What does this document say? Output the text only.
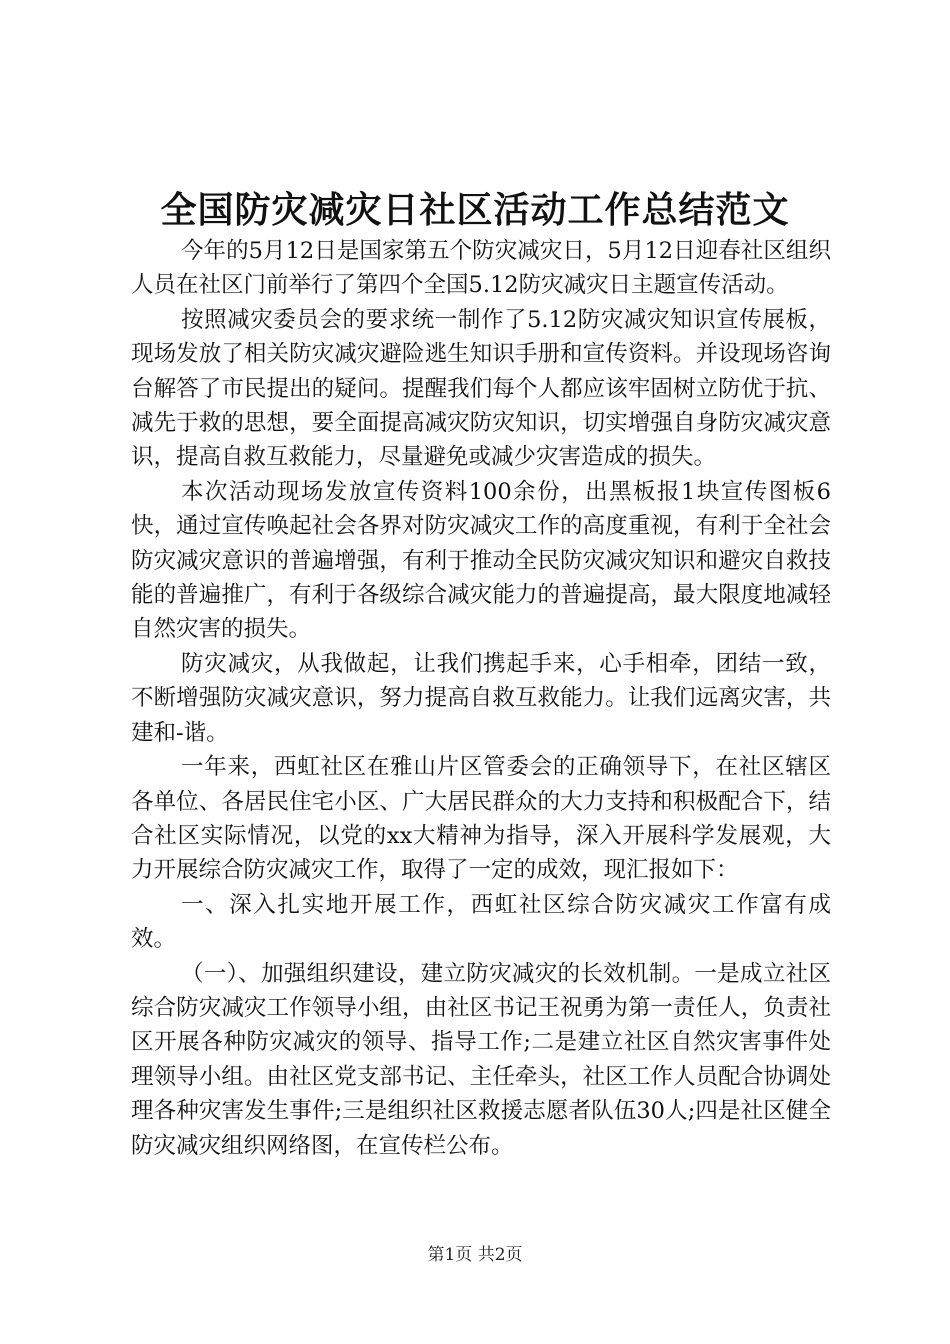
全国防灾减灾日社区活动工作总结范文

今年的5月12日是国家第五个防灾减灾日，5月12日迎春社区组织人员在社区门前举行了第四个全国5.12防灾减灾日主题宣传活动。

按照减灾委员会的要求统一制作了5.12防灾减灾知识宣传展板，现场发放了相关防灾减灾避险逃生知识手册和宣传资料。并设现场咨询台解答了市民提出的疑问。提醒我们每个人都应该牢固树立防优于抗、减先于救的思想，要全面提高减灾防灾知识，切实增强自身防灾减灾意识，提高自救互救能力，尽量避免或减少灾害造成的损失。

本次活动现场发放宣传资料100余份，出黑板报1块宣传图板6快，通过宣传唤起社会各界对防灾减灾工作的高度重视，有利于全社会防灾减灾意识的普遍增强，有利于推动全民防灾减灾知识和避灾自救技能的普遍推广，有利于各级综合减灾能力的普遍提高，最大限度地减轻自然灾害的损失。

防灾减灾，从我做起，让我们携起手来，心手相牵，团结一致，不断增强防灾减灾意识，努力提高自救互救能力。让我们远离灾害，共建和-谐。

一年来，西虹社区在雅山片区管委会的正确领导下，在社区辖区各单位、各居民住宅小区、广大居民群众的大力支持和积极配合下，结合社区实际情况，以党的xx大精神为指导，深入开展科学发展观，大力开展综合防灾减灾工作，取得了一定的成效，现汇报如下：

一、深入扎实地开展工作，西虹社区综合防灾减灾工作富有成效。

（一）、加强组织建设，建立防灾减灾的长效机制。一是成立社区综合防灾减灾工作领导小组，由社区书记王祝勇为第一责任人，负责社区开展各种防灾减灾的领导、指导工作;二是建立社区自然灾害事件处理领导小组。由社区党支部书记、主任牵头，社区工作人员配合协调处理各种灾害发生事件;三是组织社区救援志愿者队伍30人;四是社区健全防灾减灾组织网络图，在宣传栏公布。

第1页 共2页
